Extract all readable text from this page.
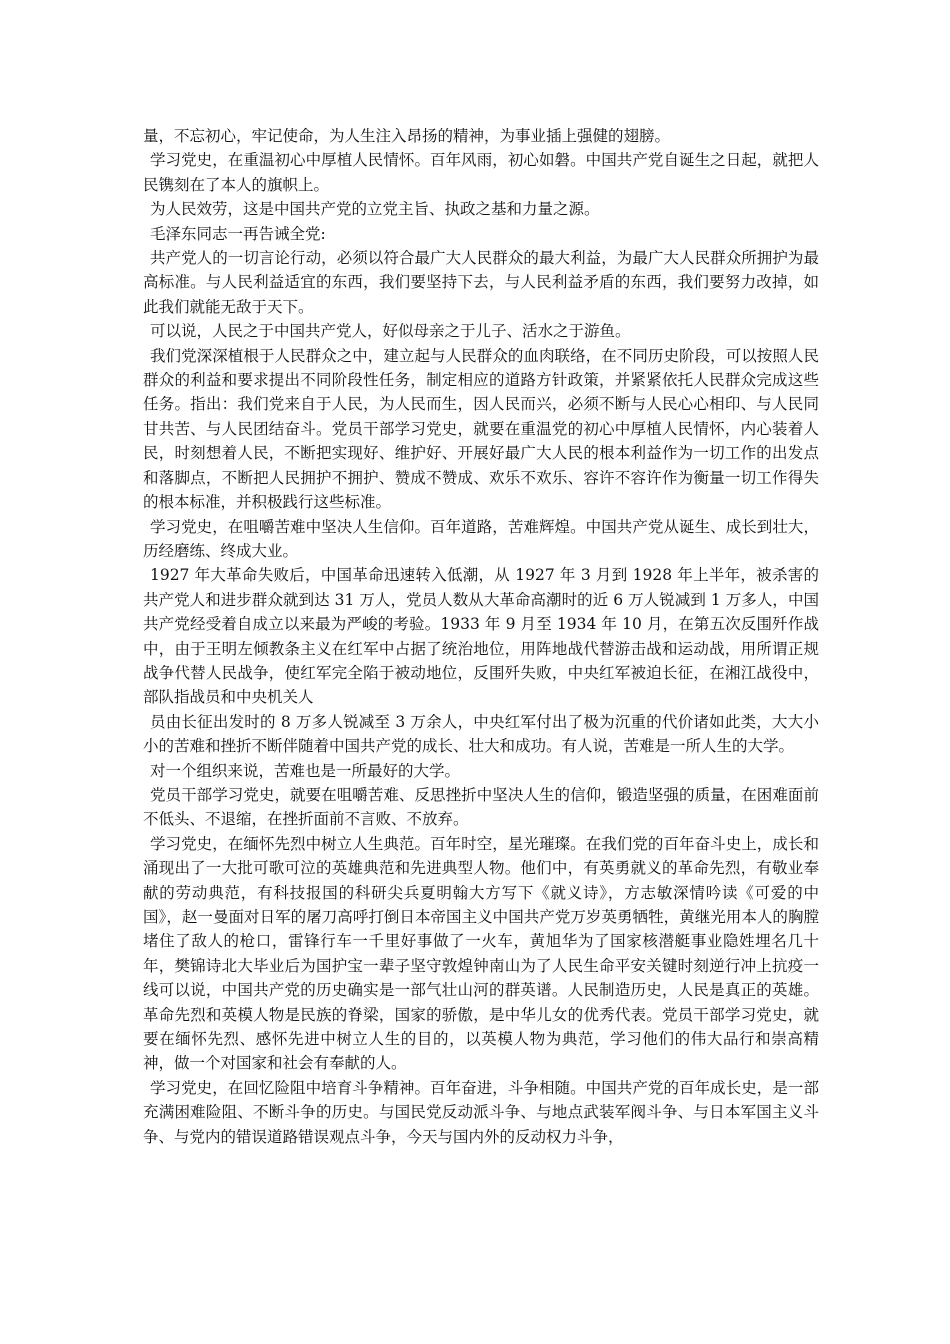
量，不忘初心，牢记使命，为人生注入昂扬的精神，为事业插上强健的翅膀。

学习党史，在重温初心中厚植人民情怀。百年风雨，初心如磐。中国共产党自诞生之日起，就把人民镌刻在了本人的旗帜上。

为人民效劳，这是中国共产党的立党主旨、执政之基和力量之源。

毛泽东同志一再告诫全党:

共产党人的一切言论行动，必须以符合最广大人民群众的最大利益，为最广大人民群众所拥护为最高标准。与人民利益适宜的东西，我们要坚持下去，与人民利益矛盾的东西，我们要努力改掉，如此我们就能无敌于天下。

可以说，人民之于中国共产党人，好似母亲之于儿子、活水之于游鱼。

我们党深深植根于人民群众之中，建立起与人民群众的血肉联络，在不同历史阶段，可以按照人民群众的利益和要求提出不同阶段性任务，制定相应的道路方针政策，并紧紧依托人民群众完成这些任务。指出：我们党来自于人民，为人民而生，因人民而兴，必须不断与人民心心相印、与人民同甘共苦、与人民团结奋斗。党员干部学习党史，就要在重温党的初心中厚植人民情怀，内心装着人民，时刻想着人民，不断把实现好、维护好、开展好最广大人民的根本利益作为一切工作的出发点和落脚点，不断把人民拥护不拥护、赞成不赞成、欢乐不欢乐、容许不容许作为衡量一切工作得失的根本标准，并积极践行这些标准。

学习党史，在咀嚼苦难中坚决人生信仰。百年道路，苦难辉煌。中国共产党从诞生、成长到壮大，历经磨练、终成大业。

1927 年大革命失败后，中国革命迅速转入低潮，从 1927 年 3 月到 1928 年上半年，被杀害的共产党人和进步群众就到达 31 万人，党员人数从大革命高潮时的近 6 万人锐减到 1 万多人，中国共产党经受着自成立以来最为严峻的考验。1933 年 9 月至 1934 年 10 月，在第五次反围歼作战中，由于王明左倾教条主义在红军中占据了统治地位，用阵地战代替游击战和运动战，用所谓正规战争代替人民战争，使红军完全陷于被动地位，反围歼失败，中央红军被迫长征，在湘江战役中，部队指战员和中央机关人

员由长征出发时的 8 万多人锐减至 3 万余人，中央红军付出了极为沉重的代价诸如此类，大大小小的苦难和挫折不断伴随着中国共产党的成长、壮大和成功。有人说，苦难是一所人生的大学。

对一个组织来说，苦难也是一所最好的大学。

党员干部学习党史，就要在咀嚼苦难、反思挫折中坚决人生的信仰，锻造坚强的质量，在困难面前不低头、不退缩，在挫折面前不言败、不放弃。

学习党史，在缅怀先烈中树立人生典范。百年时空，星光璀璨。在我们党的百年奋斗史上，成长和涌现出了一大批可歌可泣的英雄典范和先进典型人物。他们中，有英勇就义的革命先烈，有敬业奉献的劳动典范，有科技报国的科研尖兵夏明翰大方写下《就义诗》，方志敏深情吟读《可爱的中国》，赵一曼面对日军的屠刀高呼打倒日本帝国主义中国共产党万岁英勇牺牲，黄继光用本人的胸膛堵住了敌人的枪口，雷锋行车一千里好事做了一火车，黄旭华为了国家核潜艇事业隐姓埋名几十年，樊锦诗北大毕业后为国护宝一辈子坚守敦煌钟南山为了人民生命平安关键时刻逆行冲上抗疫一线可以说，中国共产党的历史确实是一部气壮山河的群英谱。人民制造历史，人民是真正的英雄。革命先烈和英模人物是民族的脊梁，国家的骄傲，是中华儿女的优秀代表。党员干部学习党史，就要在缅怀先烈、感怀先进中树立人生的目的，以英模人物为典范，学习他们的伟大品行和崇高精神，做一个对国家和社会有奉献的人。

学习党史，在回忆险阻中培育斗争精神。百年奋进，斗争相随。中国共产党的百年成长史，是一部充满困难险阻、不断斗争的历史。与国民党反动派斗争、与地点武装军阀斗争、与日本军国主义斗争、与党内的错误道路错误观点斗争，今天与国内外的反动权力斗争，
